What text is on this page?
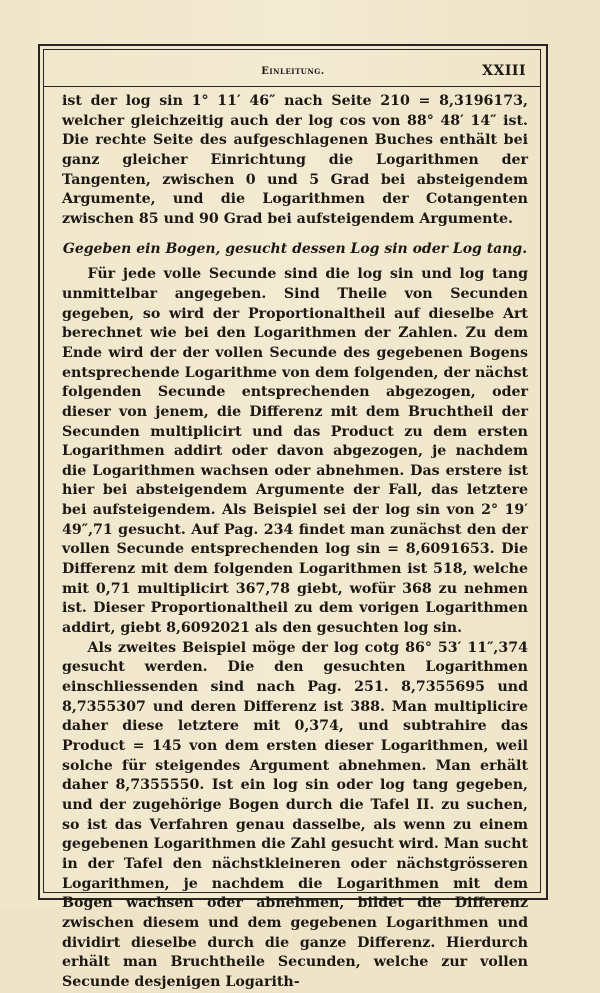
Einleitung.	XXIII

ist der log sin 1° 11′ 46″ nach Seite 210 = 8,3196173, welcher gleichzeitig auch der log cos von 88° 48′ 14″ ist. Die rechte Seite des aufgeschlagenen Buches enthält bei ganz gleicher Einrichtung die Logarithmen der Tangenten, zwischen 0 und 5 Grad bei absteigendem Argumente, und die Logarithmen der Cotangenten zwischen 85 und 90 Grad bei aufsteigendem Argumente.

Gegeben ein Bogen, gesucht dessen Log sin oder Log tang.

Für jede volle Secunde sind die log sin und log tang unmittelbar angegeben. Sind Theile von Secunden gegeben, so wird der Proportionaltheil auf dieselbe Art berechnet wie bei den Logarithmen der Zahlen. Zu dem Ende wird der der vollen Secunde des gegebenen Bogens entsprechende Logarithme von dem folgenden, der nächst folgenden Secunde entsprechenden abgezogen, oder dieser von jenem, die Differenz mit dem Bruchtheil der Secunden multiplicirt und das Product zu dem ersten Logarithmen addirt oder davon abgezogen, je nachdem die Logarithmen wachsen oder abnehmen. Das erstere ist hier bei absteigendem Argumente der Fall, das letztere bei aufsteigendem. Als Beispiel sei der log sin von 2° 19′ 49″,71 gesucht. Auf Pag. 234 findet man zunächst den der vollen Secunde entsprechenden log sin = 8,6091653. Die Differenz mit dem folgenden Logarithmen ist 518, welche mit 0,71 multiplicirt 367,78 giebt, wofür 368 zu nehmen ist. Dieser Proportionaltheil zu dem vorigen Logarithmen addirt, giebt 8,6092021 als den gesuchten log sin.

Als zweites Beispiel möge der log cotg 86° 53′ 11″,374 gesucht werden. Die den gesuchten Logarithmen einschliessenden sind nach Pag. 251. 8,7355695 und 8,7355307 und deren Differenz ist 388. Man multiplicire daher diese letztere mit 0,374, und subtrahire das Product = 145 von dem ersten dieser Logarithmen, weil solche für steigendes Argument abnehmen. Man erhält daher 8,7355550. Ist ein log sin oder log tang gegeben, und der zugehörige Bogen durch die Tafel II. zu suchen, so ist das Verfahren genau dasselbe, als wenn zu einem gegebenen Logarithmen die Zahl gesucht wird. Man sucht in der Tafel den nächstkleineren oder nächstgrösseren Logarithmen, je nachdem die Logarithmen mit dem Bogen wachsen oder abnehmen, bildet die Differenz zwischen diesem und dem gegebenen Logarithmen und dividirt dieselbe durch die ganze Differenz. Hierdurch erhält man Bruchtheile Secunden, welche zur vollen Secunde desjenigen Logarith-
